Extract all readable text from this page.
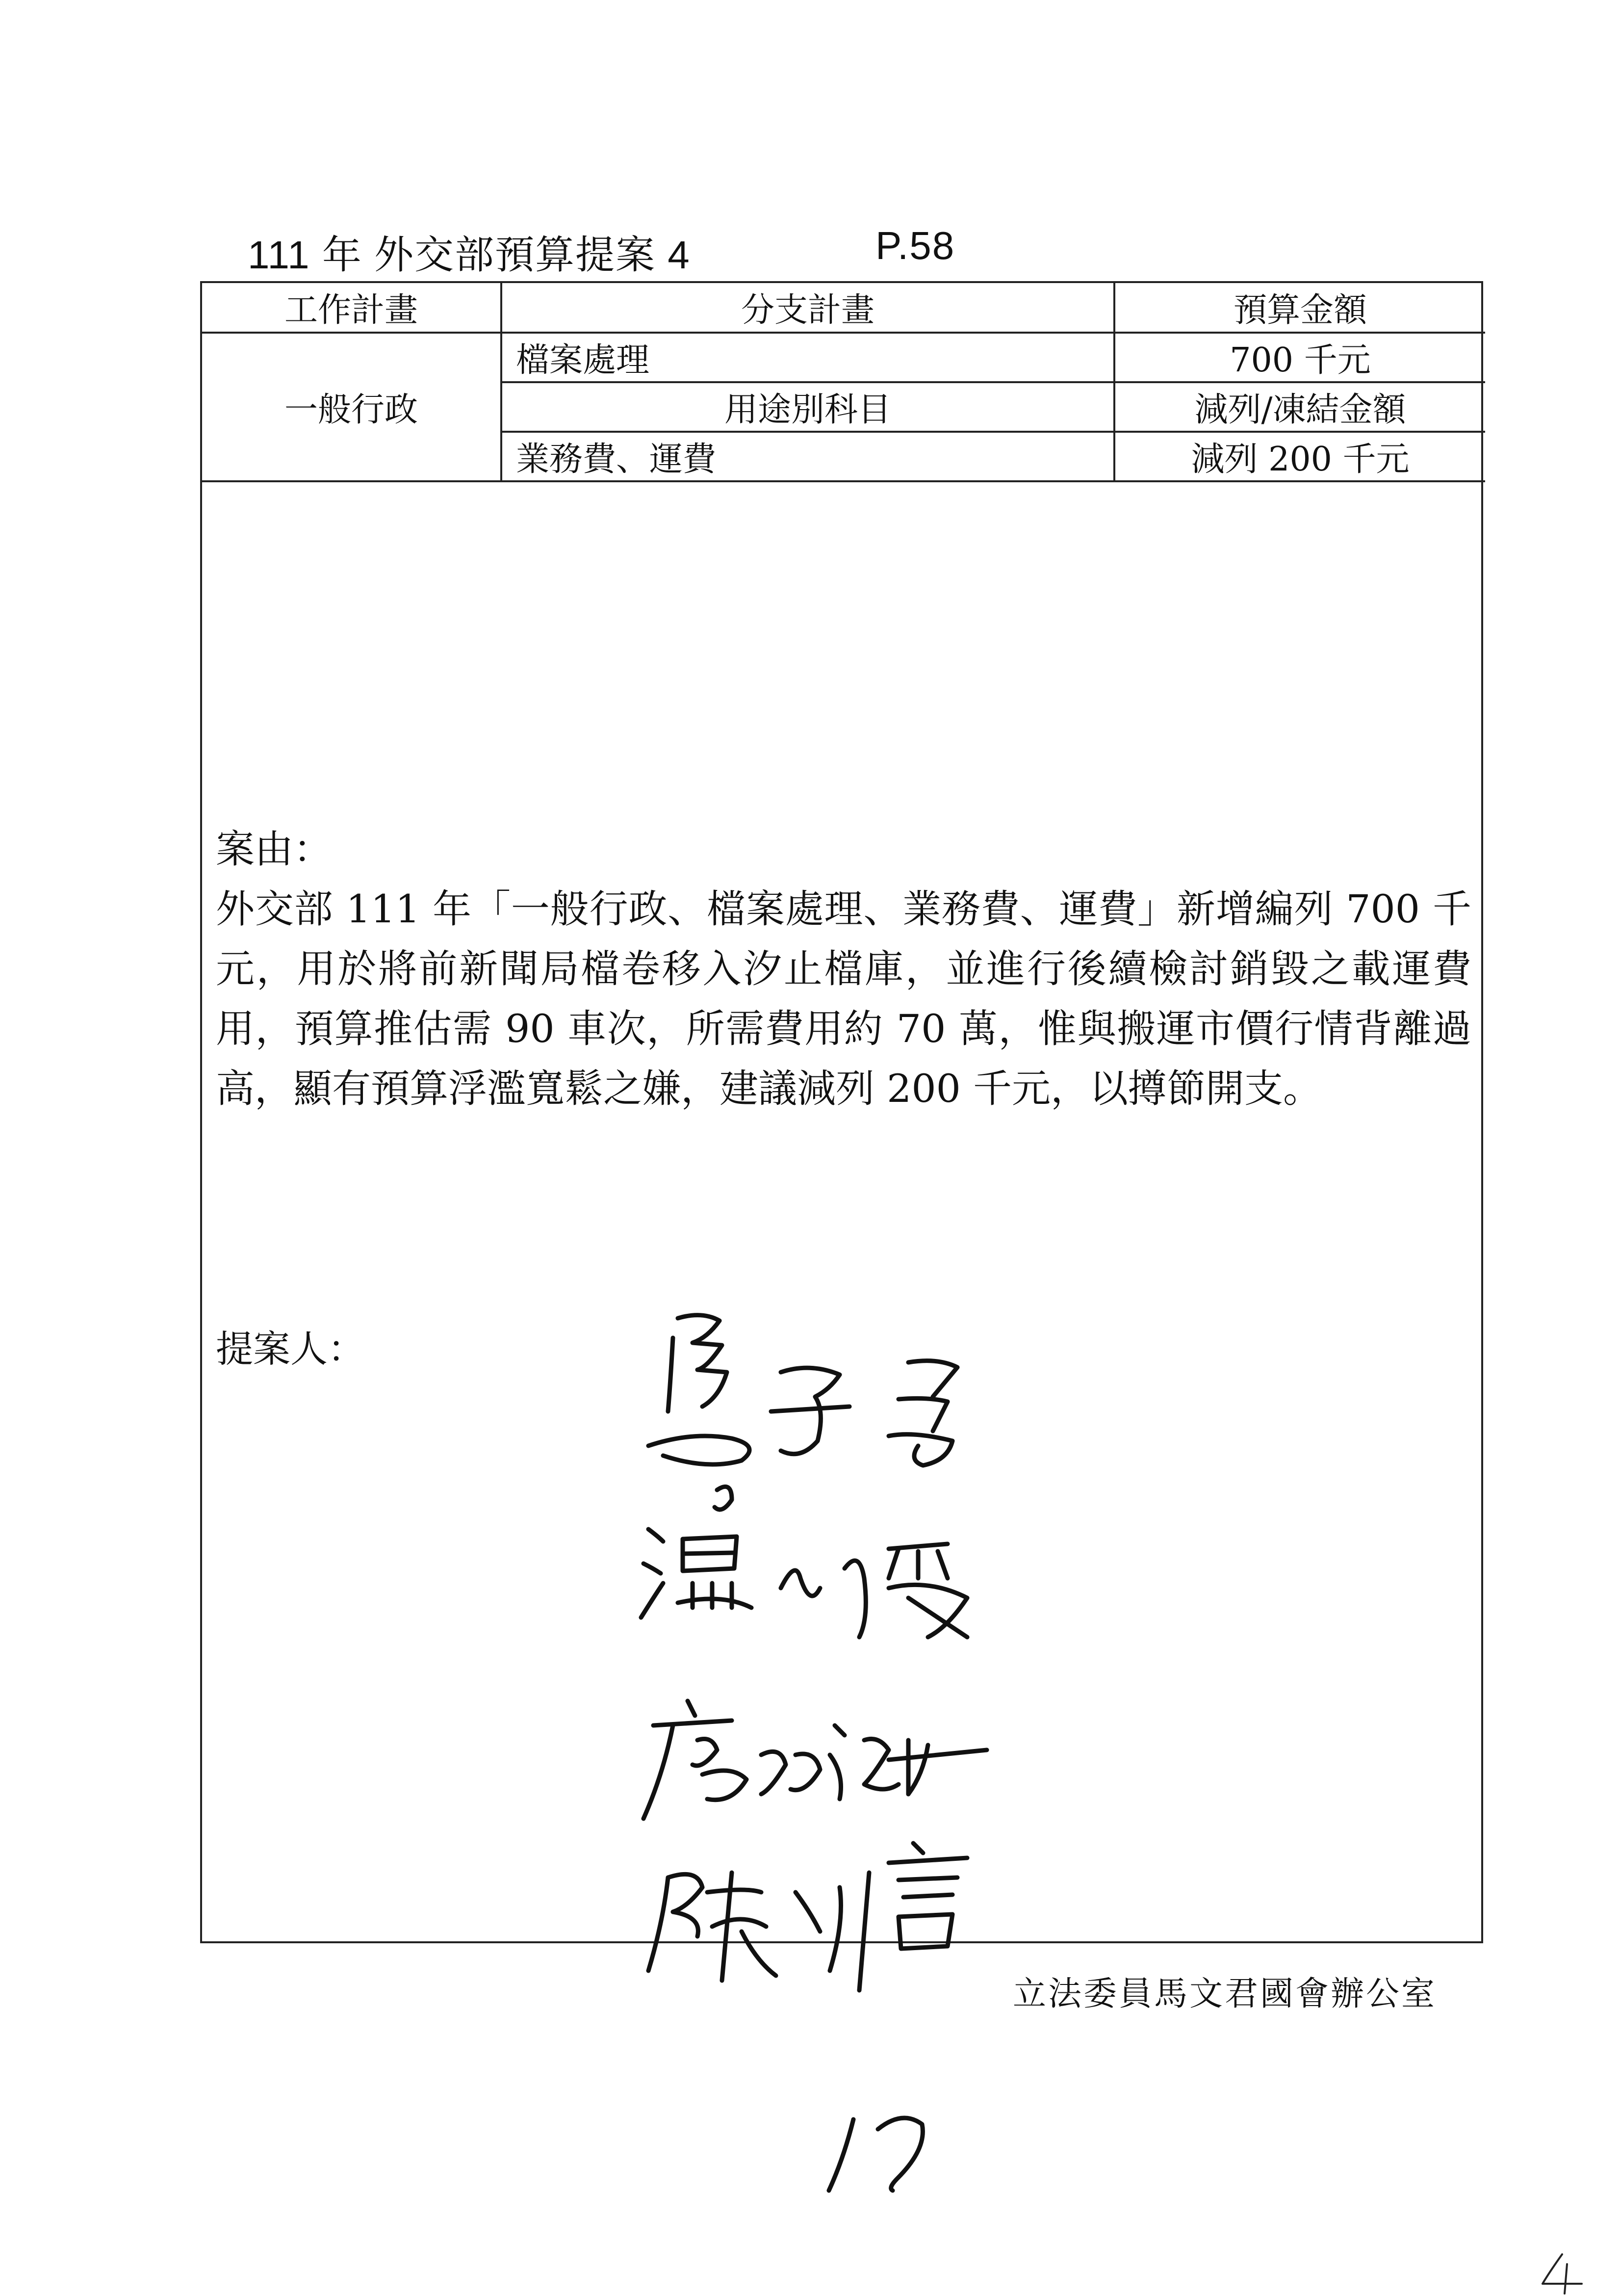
111 年 外交部預算提案 4	P.58
工作計畫	分支計畫	預算金額
一般行政	檔案處理	700 千元
	用途別科目	減列/凍結金額
	業務費、運費	減列 200 千元
案由：
外交部 111 年「一般行政、檔案處理、業務費、運費」新增編列 700 千元，用於將前新聞局檔卷移入汐止檔庫，並進行後續檢討銷毀之載運費用，預算推估需 90 車次，所需費用約 70 萬，惟與搬運市價行情背離過高，顯有預算浮濫寬鬆之嫌，建議減列 200 千元，以撙節開支。
提案人：
立法委員馬文君國會辦公室
